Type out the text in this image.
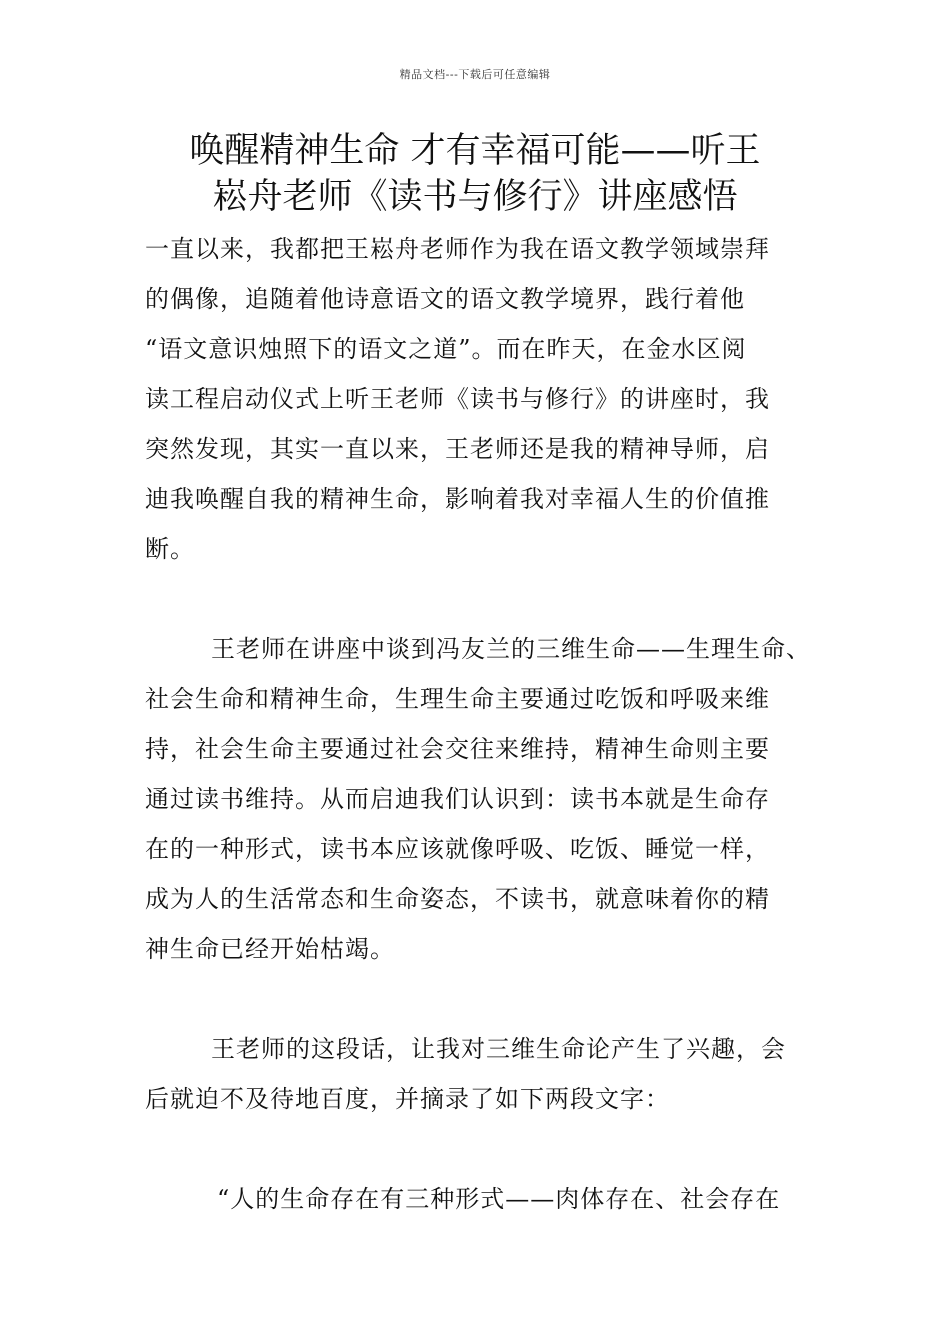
精品文档---下载后可任意编辑
唤醒精神生命 才有幸福可能——听王
崧舟老师《读书与修行》讲座感悟

一直以来，我都把王崧舟老师作为我在语文教学领域崇拜
的偶像，追随着他诗意语文的语文教学境界，践行着他
“语文意识烛照下的语文之道”。而在昨天，在金水区阅
读工程启动仪式上听王老师《读书与修行》的讲座时，我
突然发现，其实一直以来，王老师还是我的精神导师，启
迪我唤醒自我的精神生命，影响着我对幸福人生的价值推
断。

王老师在讲座中谈到冯友兰的三维生命——生理生命、
社会生命和精神生命，生理生命主要通过吃饭和呼吸来维
持，社会生命主要通过社会交往来维持，精神生命则主要
通过读书维持。从而启迪我们认识到：读书本就是生命存
在的一种形式，读书本应该就像呼吸、吃饭、睡觉一样，
成为人的生活常态和生命姿态，不读书，就意味着你的精
神生命已经开始枯竭。

王老师的这段话，让我对三维生命论产生了兴趣，会
后就迫不及待地百度，并摘录了如下两段文字：

“人的生命存在有三种形式——肉体存在、社会存在
